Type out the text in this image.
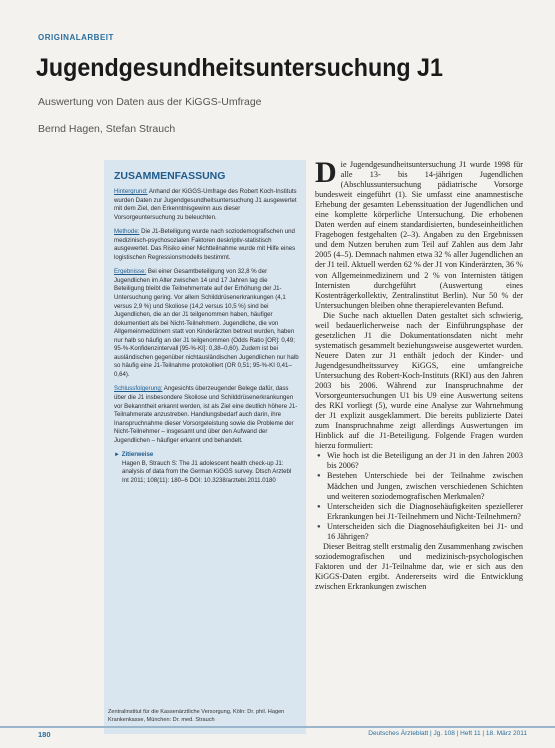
ORIGINALARBEIT
Jugendgesundheitsuntersuchung J1
Auswertung von Daten aus der KiGGS-Umfrage
Bernd Hagen, Stefan Strauch
ZUSAMMENFASSUNG

Hintergrund: Anhand der KiGGS-Umfrage des Robert Koch-Instituts wurden Daten zur Jugendgesundheitsuntersuchung J1 ausgewertet mit dem Ziel, den Erkenntnisgewinn aus dieser Vorsorgeuntersuchung zu beleuchten.

Methode: Die J1-Beteiligung wurde nach soziodemografischen und medizinisch-psychosozialen Faktoren deskriptiv-statistisch ausgewertet. Das Risiko einer Nichtteilnahme wurde mit Hilfe eines logistischen Regressionsmodells bestimmt.

Ergebnisse: Bei einer Gesamtbeteiligung von 32,8 % der Jugendlichen im Alter zwischen 14 und 17 Jahren lag die Beteiligung bleibt die Teilnehmerrate auf der Erhöhung der J1-Untersuchung gering. Vor allem Schilddrüsenerkrankungen (4,1 versus 2,9 %) und Skoliose (14,2 versus 10,5 %) sind bei Jugendlichen, die an der J1 teilgenommen haben, häufiger dokumentiert als bei Nicht-Teilnehmern. Jugendliche, die von Allgemeinmedizinern statt von Kinderärzten betreut wurden, haben nur halb so häufig an der J1 teilgenommen (Odds Ratio [OR]: 0,49; 95-%-Konfidenzintervall [95-%-KI]: 0,38–0,60). Zudem ist bei ausländischen gegenüber nichtausländischen Jugendlichen nur halb so häufig eine J1-Teilnahme protokolliert (OR 0,51; 95-%-KI 0,41–0,64).

Schlussfolgerung: Angesichts überzeugender Belege dafür, dass über die J1 insbesondere Skoliose und Schilddrüsenerkrankungen vor Bekanntheit erkannt werden, ist als Ziel eine deutlich höhere J1-Teilnahmerate anzustreben. Handlungsbedarf auch darin, ihre Inanspruchnahme dieser Vorsorgeleistung sowie die Probleme der Nicht-Teilnehmer – insgesamt und über den Aufwand der Jugendlichen – häufiger erkannt und behandelt.

► Zitierweise
Hagen B, Strauch S: The J1 adolescent health check-up J1: analysis of data from the German KiGGS survey. Dtsch Arztebl Int 2011; 108(11): 180–6 DOI: 10.3238/arztebl.2011.0180
Zentralinstitut für die Kassenärztliche Versorgung, Köln: Dr. phil. Hagen Krankenkasse, München: Dr. med. Strauch

Die Jugendgesundheitsuntersuchung J1 wurde 1998 für alle 13- bis 14-jährigen Jugendlichen (Abschlussuntersuchung pädiatrische Vorsorge bundesweit eingeführt (1). Sie umfasst eine anamnestische Erhebung der gesamten Lebenssituation der Jugendlichen und eine komplette körperliche Untersuchung. Die erhobenen Daten werden auf einem standardisierten, bundeseinheitlichen Fragebogen festgehalten (2–3). Angaben zu den Ergebnissen und dem Nutzen beruhen zum Teil auf Zahlen aus dem Jahr 2005 (4–5). Demnach nahmen etwa 32 % aller Jugendlichen an der J1 teil. Aktuell werden 62 % der J1 von Kinderärzten, 36 % von Allgemeinmedizinern und 2 % von Internisten tätigen Internisten durchgeführt (Auswertung eines Kostenträgerkollektiv, Zentralinstitut Berlin). Nur 50 % der Untersuchungen bleiben ohne therapierelevanten Befund.

Die Suche nach aktuellen Daten gestaltet sich schwierig, weil bedauerlicherweise nach der Einführungsphase der gesetzlichen J1 die Dokumentationsdaten nicht mehr systematisch gesammelt beziehungsweise ausgewertet wurden. Neuere Daten zur J1 enthält jedoch der Kinder- und Jugendgesundheitssurvey KiGGS, eine umfangreiche Untersuchung des Robert-Koch-Instituts (RKI) aus den Jahren 2003 bis 2006. Während zur Inanspruchnahme der Vorsorgeuntersuchungen U1 bis U9 eine Auswertung seitens des RKI vorliegt (5), wurde eine Analyse zur Wahrnehmung der J1 explizit ausgeklammert. Die bereits publizierte Datei zum Inanspruchnahme zeigt allerdings Auswertungen im Hinblick auf die J1-Beteiligung. Folgende Fragen wurden hierzu formuliert:

● Wie hoch ist die Beteiligung an der J1 in den Jahren 2003 bis 2006?
● Bestehen Unterschiede bei der Teilnahme zwischen Mädchen und Jungen, zwischen verschiedenen Schichten und weiteren soziodemografischen Merkmalen?
● Unterscheiden sich die Diagnosehäufigkeiten speziellerer Erkrankungen bei J1-Teilnehmern und Nicht-Teilnehmern?
● Unterscheiden sich die Diagnosehäufigkeiten bei J1- und 16 Jährigen?

Dieser Beitrag stellt erstmalig den Zusammenhang zwischen soziodemografischen und medizinisch-psychologischen Faktoren und der J1-Teilnahme dar, wie er sich aus den KiGGS-Daten ergibt. Andererseits wird die Entwicklung zwischen Erkrankungen zwischen

180	Deutsches Ärzteblatt | Jg. 108 | Heft 11 | 18. März 2011
